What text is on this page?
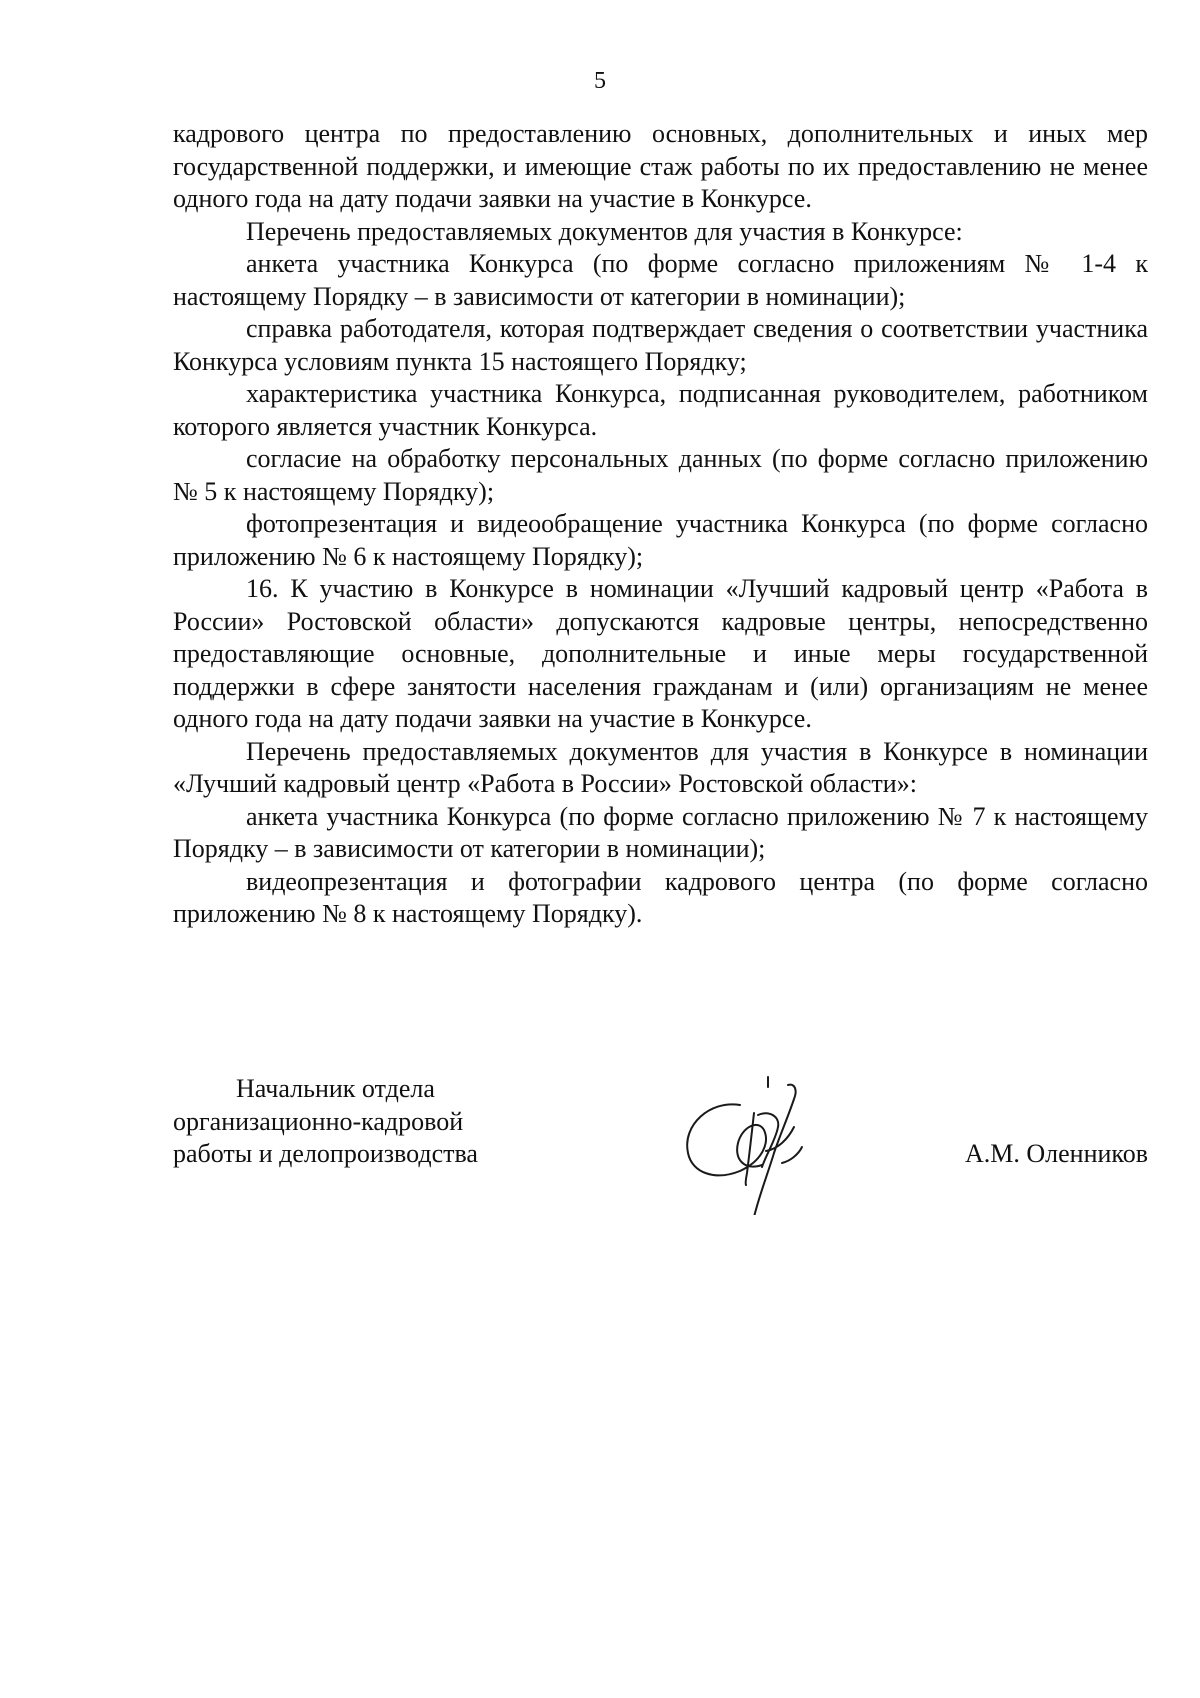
5

кадрового центра по предоставлению основных, дополнительных и иных мер государственной поддержки, и имеющие стаж работы по их предоставлению не менее одного года на дату подачи заявки на участие в Конкурсе.

Перечень предоставляемых документов для участия в Конкурсе:

анкета участника Конкурса (по форме согласно приложениям № 1-4 к настоящему Порядку – в зависимости от категории в номинации);

справка работодателя, которая подтверждает сведения о соответствии участника Конкурса условиям пункта 15 настоящего Порядку;

характеристика участника Конкурса, подписанная руководителем, работником которого является участник Конкурса.

согласие на обработку персональных данных (по форме согласно приложению № 5 к настоящему Порядку);

фотопрезентация и видеообращение участника Конкурса (по форме согласно приложению № 6 к настоящему Порядку);

16. К участию в Конкурсе в номинации «Лучший кадровый центр «Работа в России» Ростовской области» допускаются кадровые центры, непосредственно предоставляющие основные, дополнительные и иные меры государственной поддержки в сфере занятости населения гражданам и (или) организациям не менее одного года на дату подачи заявки на участие в Конкурсе.

Перечень предоставляемых документов для участия в Конкурсе в номинации «Лучший кадровый центр «Работа в России» Ростовской области»:

анкета участника Конкурса (по форме согласно приложению № 7 к настоящему Порядку – в зависимости от категории в номинации);

видеопрезентация и фотографии кадрового центра (по форме согласно приложению № 8 к настоящему Порядку).

Начальник отдела
организационно-кадровой
работы и делопроизводства	А.М. Оленников
